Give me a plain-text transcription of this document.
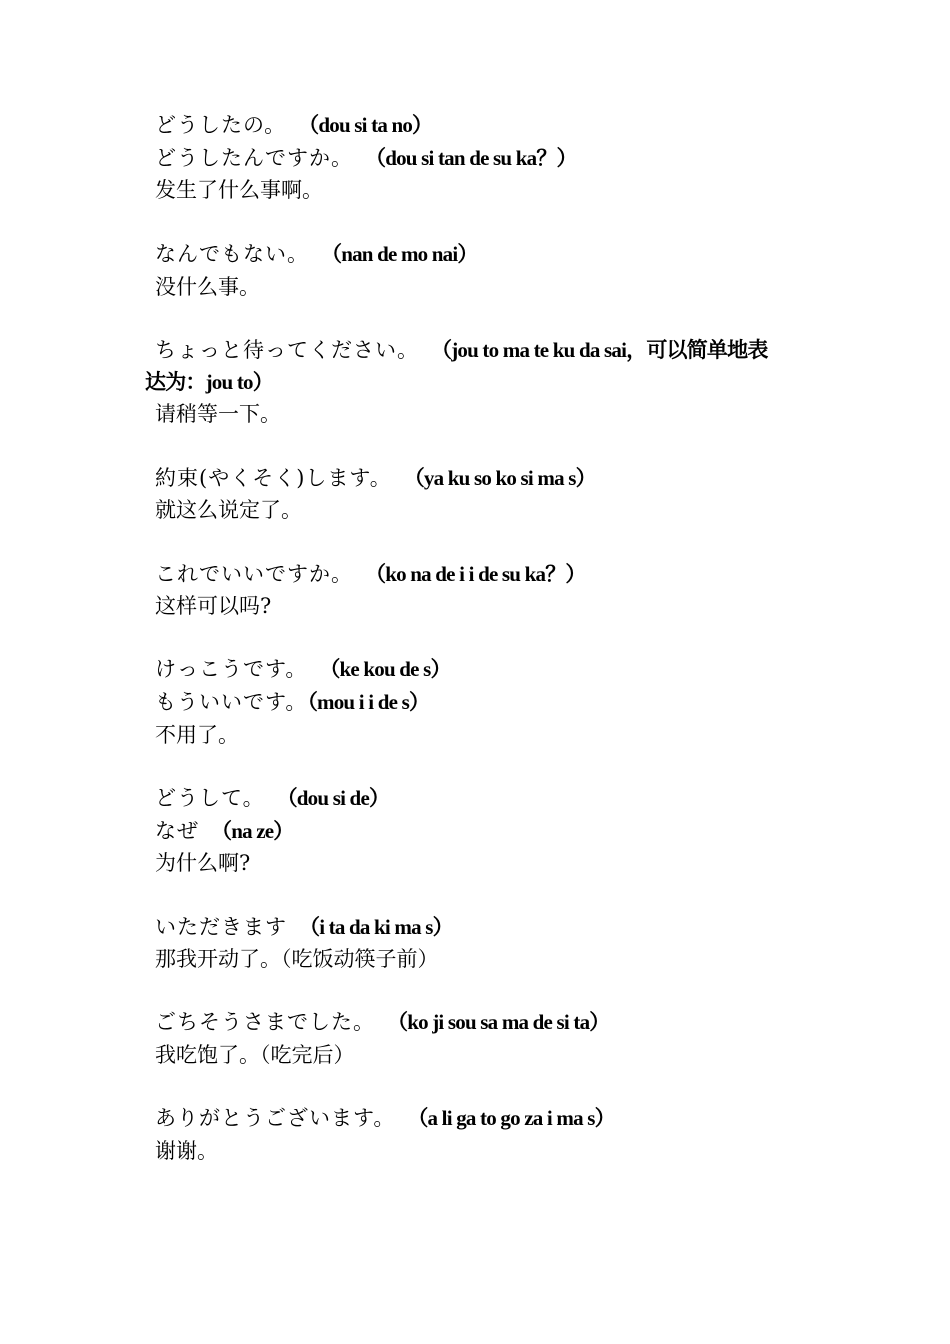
どうしたの。 （dou si ta no）
どうしたんですか。 （dou si tan de su ka？）
发生了什么事啊。
なんでもない。 （nan de mo nai）
没什么事。
ちょっと待ってください。 （jou to ma te ku da sai，可以简单地表
达为：jou to）
请稍等一下。
約束(やくそく)します。 （ya ku so ko si ma s）
就这么说定了。
これでいいですか。 （ko na de i i de su ka？）
这样可以吗?
けっこうです。 （ke kou de s）
もういいです。（mou i i de s）
不用了。
どうして。 （dou si de）
なぜ （na ze）
为什么啊?
いただきます （i ta da ki ma s）
那我开动了。（吃饭动筷子前）
ごちそうさまでした。 （ko ji sou sa ma de si ta）
我吃饱了。（吃完后）
ありがとうございます。 （a li ga to go za i ma s）
谢谢。
